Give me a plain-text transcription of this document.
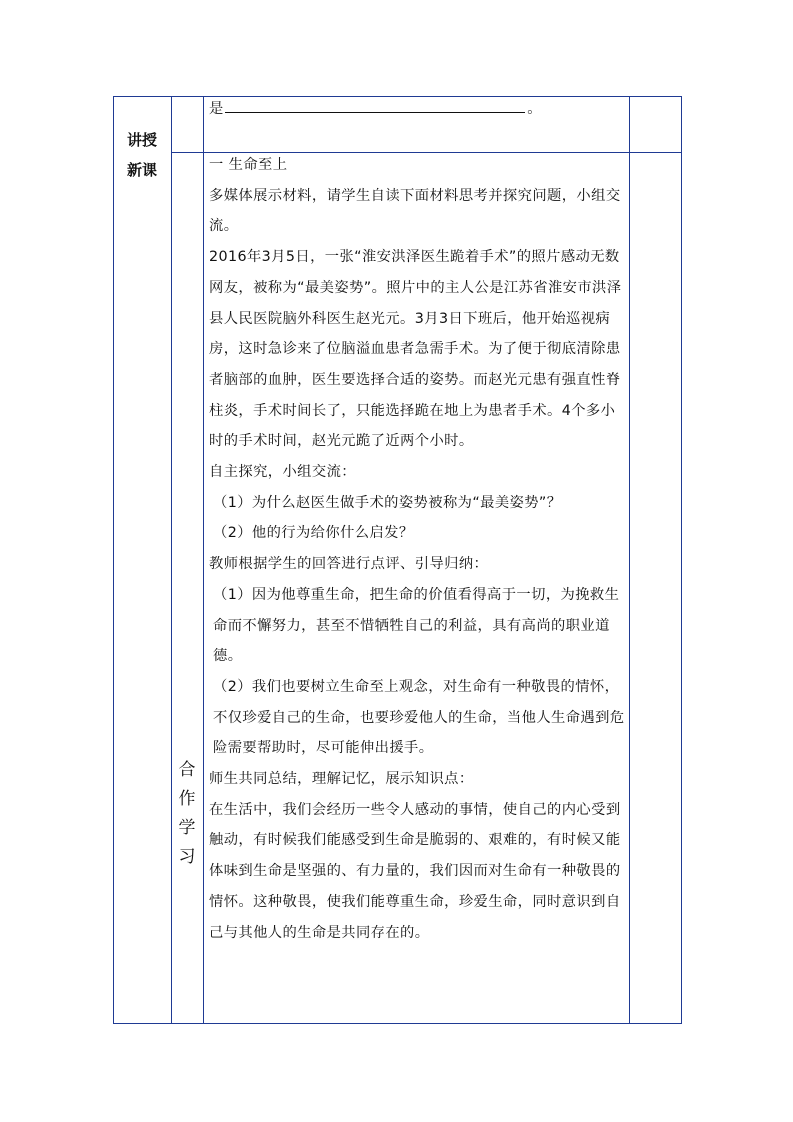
讲授
新课
合
作
学
习
是	。

一 生命至上

多媒体展示材料，请学生自读下面材料思考并探究问题，小组交流。

2016年3月5日，一张“淮安洪泽医生跪着手术”的照片感动无数网友，被称为“最美姿势”。照片中的主人公是江苏省淮安市洪泽县人民医院脑外科医生赵光元。3月3日下班后，他开始巡视病房，这时急诊来了位脑溢血患者急需手术。为了便于彻底清除患者脑部的血肿，医生要选择合适的姿势。而赵光元患有强直性脊柱炎，手术时间长了，只能选择跪在地上为患者手术。4个多小时的手术时间，赵光元跪了近两个小时。

自主探究，小组交流：

（1）为什么赵医生做手术的姿势被称为“最美姿势”？

（2）他的行为给你什么启发？

教师根据学生的回答进行点评、引导归纳：

（1）因为他尊重生命，把生命的价值看得高于一切，为挽救生命而不懈努力，甚至不惜牺牲自己的利益，具有高尚的职业道德。

（2）我们也要树立生命至上观念，对生命有一种敬畏的情怀，不仅珍爱自己的生命，也要珍爱他人的生命，当他人生命遇到危险需要帮助时，尽可能伸出援手。

师生共同总结，理解记忆，展示知识点：

在生活中，我们会经历一些令人感动的事情，使自己的内心受到触动，有时候我们能感受到生命是脆弱的、艰难的，有时候又能体味到生命是坚强的、有力量的，我们因而对生命有一种敬畏的情怀。这种敬畏，使我们能尊重生命，珍爱生命，同时意识到自己与其他人的生命是共同存在的。
